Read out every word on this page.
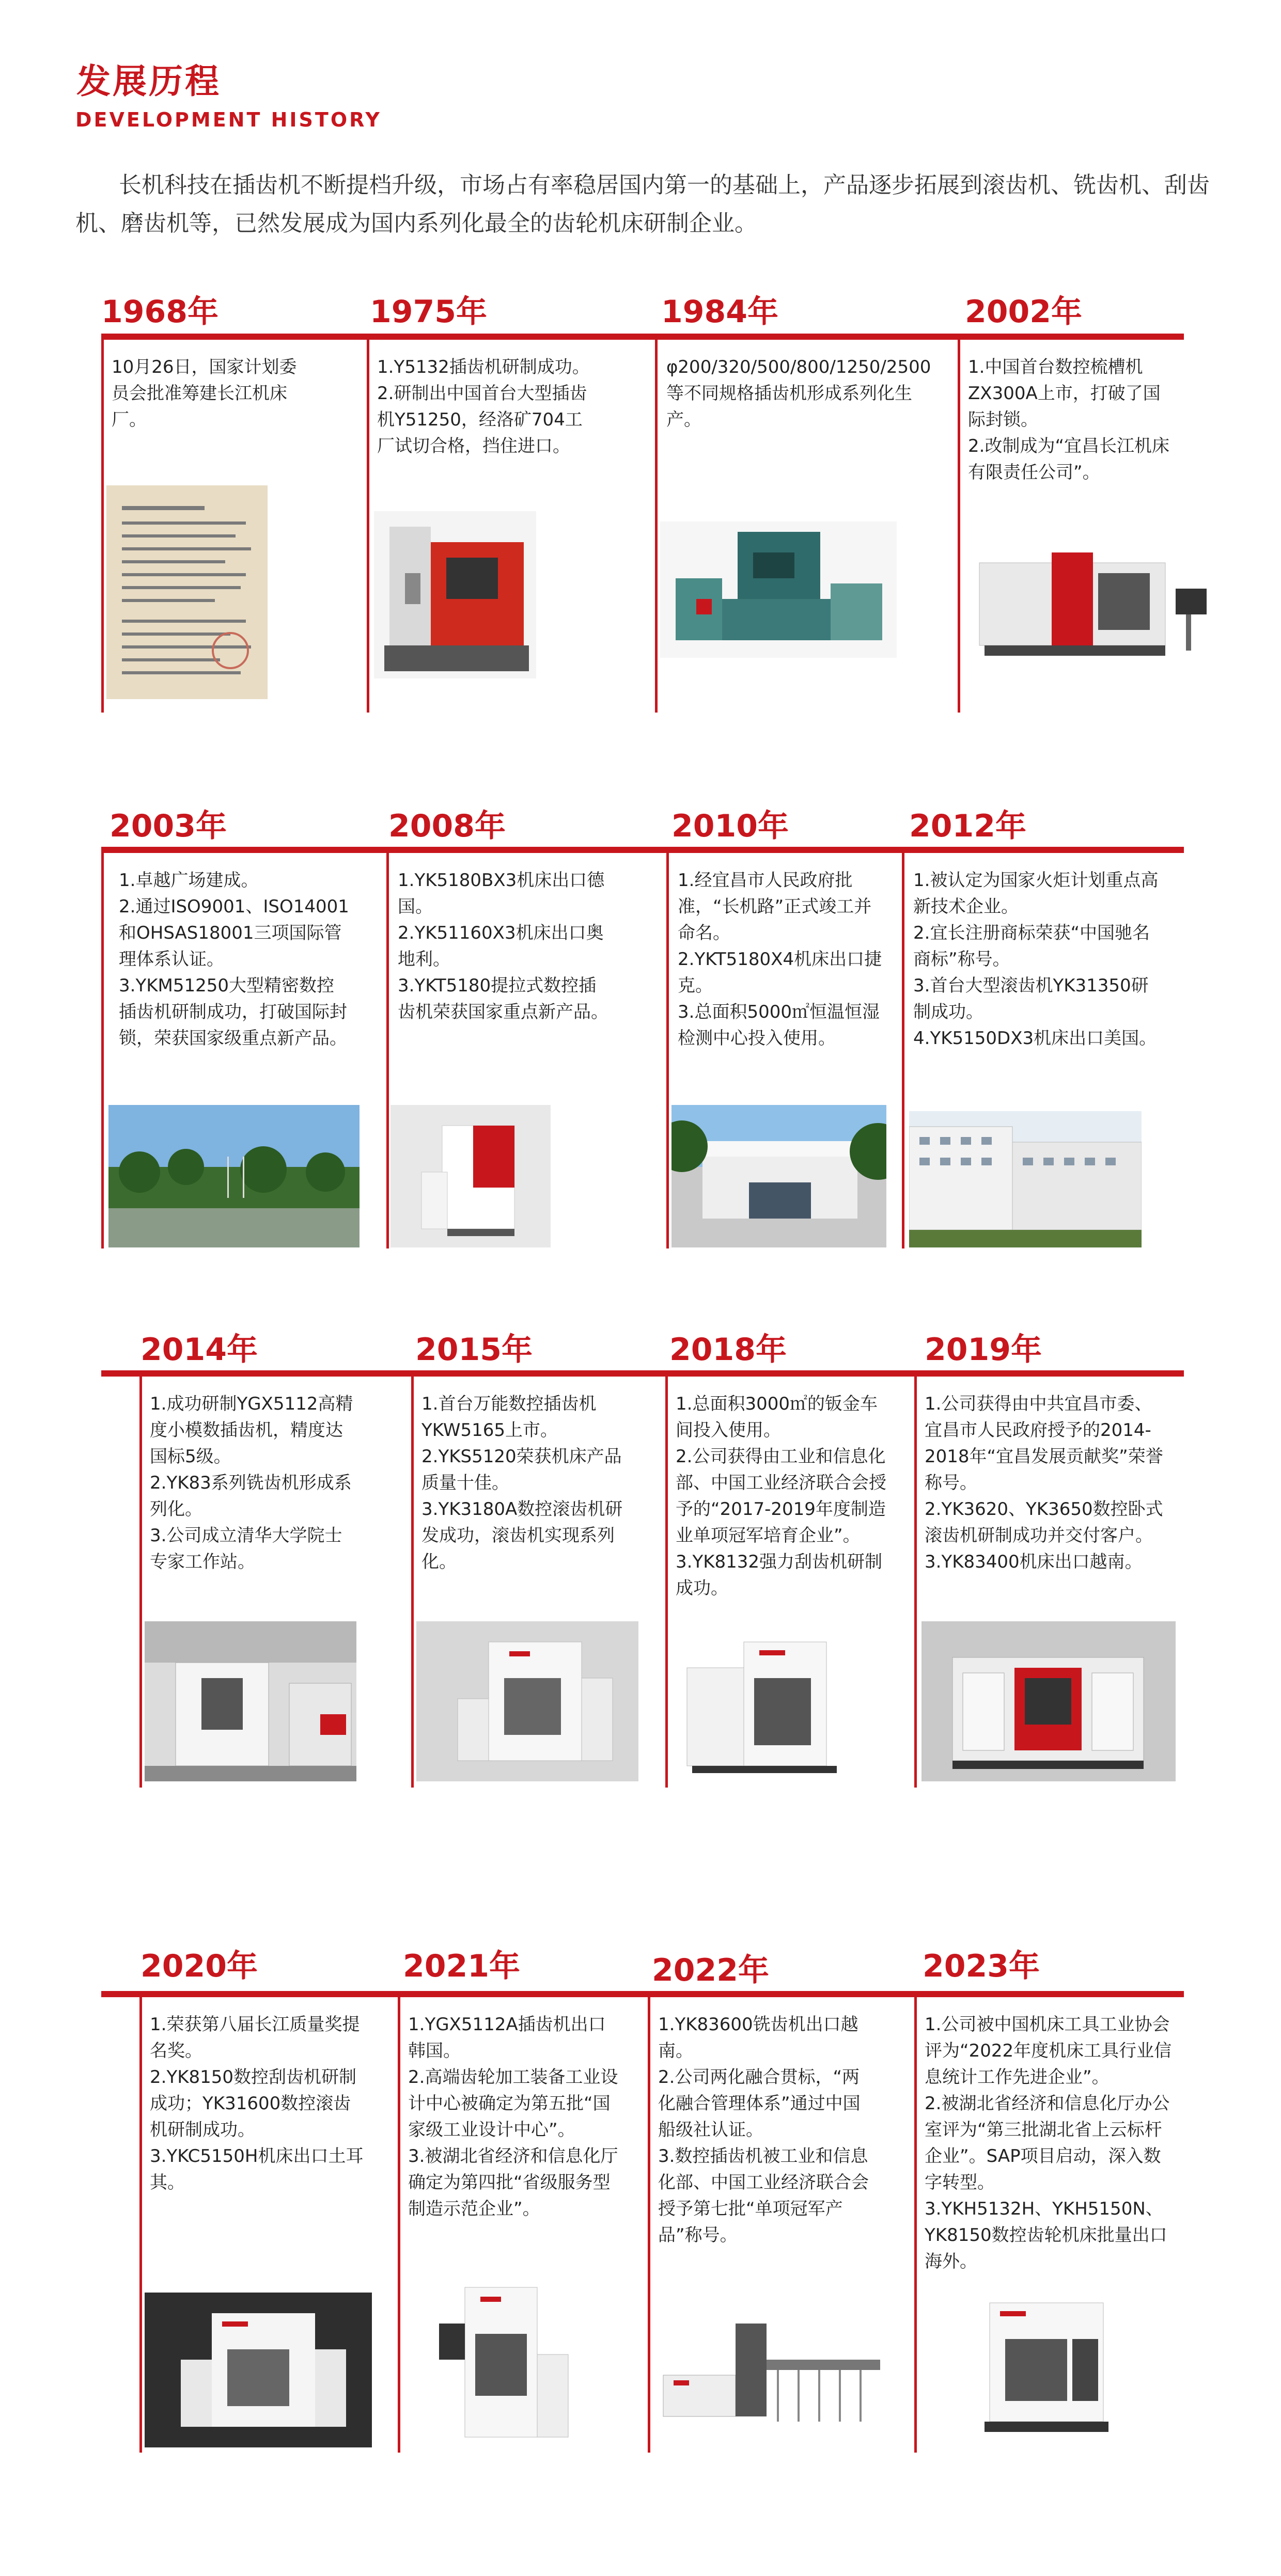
发展历程
DEVELOPMENT HISTORY
长机科技在插齿机不断提档升级，市场占有率稳居国内第一的基础上，产品逐步拓展到滚齿机、铣齿机、刮齿机、磨齿机等，已然发展成为国内系列化最全的齿轮机床研制企业。
1968年	1975年	1984年	2002年
10月26日，国家计划委员会批准筹建长江机床厂。
1.Y5132插齿机研制成功。
2.研制出中国首台大型插齿机Y51250，经洛矿704工厂试切合格，挡住进口。
φ200/320/500/800/1250/2500等不同规格插齿机形成系列化生产。
1.中国首台数控梳槽机ZX300A上市，打破了国际封锁。
2.改制成为“宜昌长江机床有限责任公司”。
2003年	2008年	2010年	2012年
1.卓越广场建成。
2.通过ISO9001、ISO14001和OHSAS18001三项国际管理体系认证。
3.YKM51250大型精密数控插齿机研制成功，打破国际封锁，荣获国家级重点新产品。
1.YK5180BX3机床出口德国。
2.YK51160X3机床出口奥地利。
3.YKT5180提拉式数控插齿机荣获国家重点新产品。
1.经宜昌市人民政府批准，“长机路”正式竣工并命名。
2.YKT5180X4机床出口捷克。
3.总面积5000㎡恒温恒湿检测中心投入使用。
1.被认定为国家火炬计划重点高新技术企业。
2.宜长注册商标荣获“中国驰名商标”称号。
3.首台大型滚齿机YK31350研制成功。
4.YK5150DX3机床出口美国。
2014年	2015年	2018年	2019年
1.成功研制YGX5112高精度小模数插齿机，精度达国标5级。
2.YK83系列铣齿机形成系列化。
3.公司成立清华大学院士专家工作站。
1.首台万能数控插齿机YKW5165上市。
2.YKS5120荣获机床产品质量十佳。
3.YK3180A数控滚齿机研发成功，滚齿机实现系列化。
1.总面积3000㎡的钣金车间投入使用。
2.公司获得由工业和信息化部、中国工业经济联合会授予的“2017-2019年度制造业单项冠军培育企业”。
3.YK8132强力刮齿机研制成功。
1.公司获得由中共宜昌市委、宜昌市人民政府授予的2014-2018年“宜昌发展贡献奖”荣誉称号。
2.YK3620、YK3650数控卧式滚齿机研制成功并交付客户。
3.YK83400机床出口越南。
2020年	2021年	2022年	2023年
1.荣获第八届长江质量奖提名奖。
2.YK8150数控刮齿机研制成功；YK31600数控滚齿机研制成功。
3.YKC5150H机床出口土耳其。
1.YGX5112A插齿机出口韩国。
2.高端齿轮加工装备工业设计中心被确定为第五批“国家级工业设计中心”。
3.被湖北省经济和信息化厅确定为第四批“省级服务型制造示范企业”。
1.YK83600铣齿机出口越南。
2.公司两化融合贯标，“两化融合管理体系”通过中国船级社认证。
3.数控插齿机被工业和信息化部、中国工业经济联合会授予第七批“单项冠军产品”称号。
1.公司被中国机床工具工业协会评为“2022年度机床工具行业信息统计工作先进企业”。
2.被湖北省经济和信息化厅办公室评为“第三批湖北省上云标杆企业”。SAP项目启动，深入数字转型。
3.YKH5132H、YKH5150N、YK8150数控齿轮机床批量出口海外。
